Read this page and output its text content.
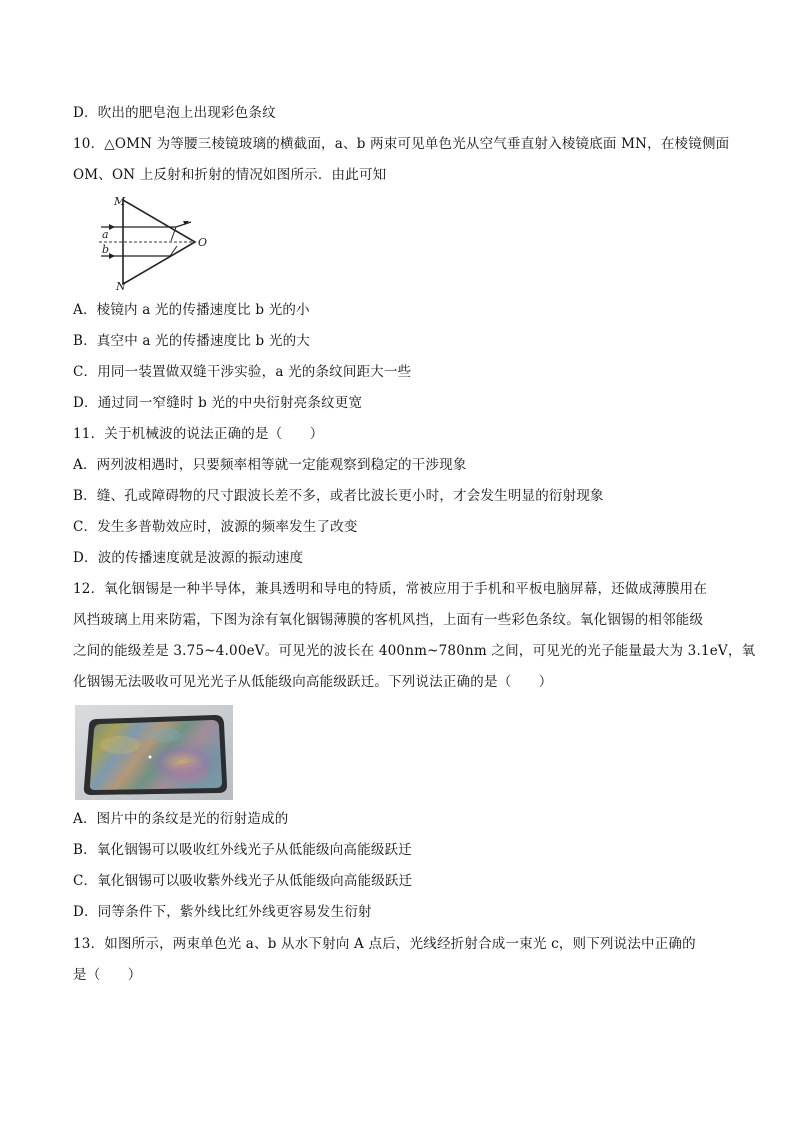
D．吹出的肥皂泡上出现彩色条纹
10．△OMN 为等腰三棱镜玻璃的横截面，a、b 两束可见单色光从空气垂直射入棱镜底面 MN，在棱镜侧面
OM、ON 上反射和折射的情况如图所示．由此可知
M
N
O
a
b
A．棱镜内 a 光的传播速度比 b 光的小
B．真空中 a 光的传播速度比 b 光的大
C．用同一装置做双缝干涉实验，a 光的条纹间距大一些
D．通过同一窄缝时 b 光的中央衍射亮条纹更宽
11．关于机械波的说法正确的是（　　）
A．两列波相遇时，只要频率相等就一定能观察到稳定的干涉现象
B．缝、孔或障碍物的尺寸跟波长差不多，或者比波长更小时，才会发生明显的衍射现象
C．发生多普勒效应时，波源的频率发生了改变
D．波的传播速度就是波源的振动速度
12．氧化铟锡是一种半导体，兼具透明和导电的特质，常被应用于手机和平板电脑屏幕，还做成薄膜用在
风挡玻璃上用来防霜，下图为涂有氧化铟锡薄膜的客机风挡，上面有一些彩色条纹。氧化铟锡的相邻能级
之间的能级差是 3.75~4.00eV。可见光的波长在 400nm~780nm 之间，可见光的光子能量最大为 3.1eV，氧
化铟锡无法吸收可见光光子从低能级向高能级跃迁。下列说法正确的是（　　）
A．图片中的条纹是光的衍射造成的
B．氧化铟锡可以吸收红外线光子从低能级向高能级跃迁
C．氧化铟锡可以吸收紫外线光子从低能级向高能级跃迁
D．同等条件下，紫外线比红外线更容易发生衍射
13．如图所示，两束单色光 a、b 从水下射向 A 点后，光线经折射合成一束光 c，则下列说法中正确的
是（　　）
